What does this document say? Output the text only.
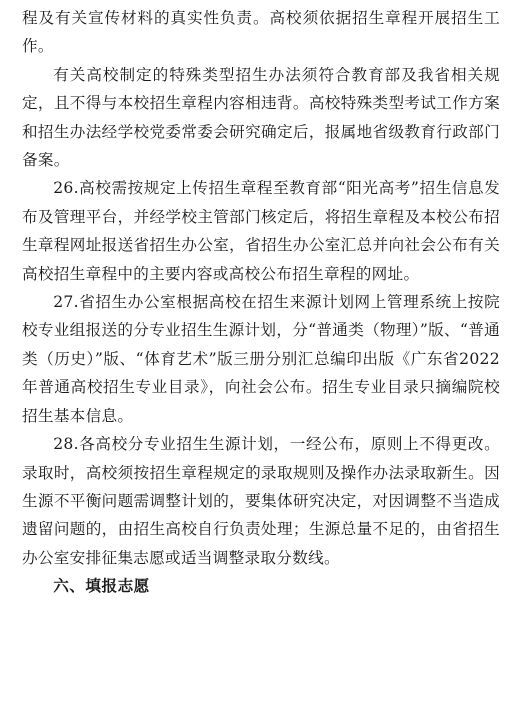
程及有关宣传材料的真实性负责。高校须依据招生章程开展招生工作。

有关高校制定的特殊类型招生办法须符合教育部及我省相关规定，且不得与本校招生章程内容相违背。高校特殊类型考试工作方案和招生办法经学校党委常委会研究确定后，报属地省级教育行政部门备案。

26.高校需按规定上传招生章程至教育部“阳光高考”招生信息发布及管理平台，并经学校主管部门核定后，将招生章程及本校公布招生章程网址报送省招生办公室，省招生办公室汇总并向社会公布有关高校招生章程中的主要内容或高校公布招生章程的网址。

27.省招生办公室根据高校在招生来源计划网上管理系统上按院校专业组报送的分专业招生生源计划，分“普通类（物理）”版、“普通类（历史）”版、“体育艺术”版三册分别汇总编印出版《广东省2022年普通高校招生专业目录》，向社会公布。招生专业目录只摘编院校招生基本信息。

28.各高校分专业招生生源计划，一经公布，原则上不得更改。录取时，高校须按招生章程规定的录取规则及操作办法录取新生。因生源不平衡问题需调整计划的，要集体研究决定，对因调整不当造成遗留问题的，由招生高校自行负责处理；生源总量不足的，由省招生办公室安排征集志愿或适当调整录取分数线。

六、填报志愿
